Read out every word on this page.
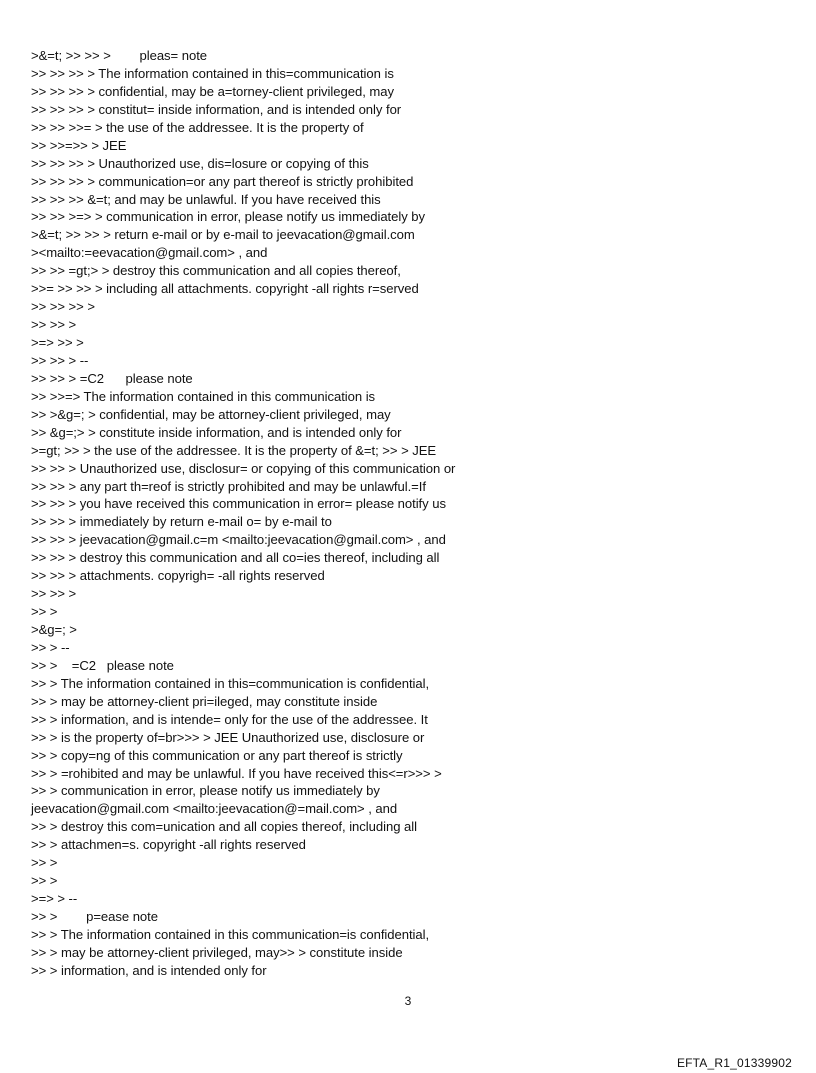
>&=t; >> >> >        pleas= note
>> >> >> > The information contained in this=communication is
>> >> >> > confidential, may be a=torney-client privileged, may
>> >> >> > constitut= inside information, and is intended only for
>> >> >>= > the use of the addressee. It is the property of
>> >>=>> > JEE
>> >> >> > Unauthorized use, dis=losure or copying of this
>> >> >> > communication=or any part thereof is strictly prohibited
>> >> >> &=t; and may be unlawful. If you have received this
>> >> >=> > communication in error, please notify us immediately by
>&=t; >> >> > return e-mail or by e-mail to jeevacation@gmail.com
><mailto:=eevacation@gmail.com> , and
>> >> =gt;> > destroy this communication and all copies thereof,
>>= >> >> > including all attachments. copyright -all rights r=served
>> >> >> >
>> >> >
>=> >> >
>> >> > --
>> >> > =C2      please note
>> >>=> The information contained in this communication is
>> >&g=; > confidential, may be attorney-client privileged, may
>> &g=;> > constitute inside information, and is intended only for
>=gt; >> > the use of the addressee. It is the property of &=t; >> > JEE
>> >> > Unauthorized use, disclosur= or copying of this communication or
>> >> > any part th=reof is strictly prohibited and may be unlawful.=If
>> >> > you have received this communication in error= please notify us
>> >> > immediately by return e-mail o= by e-mail to
>> >> > jeevacation@gmail.c=m <mailto:jeevacation@gmail.com> , and
>> >> > destroy this communication and all co=ies thereof, including all
>> >> > attachments. copyrigh= -all rights reserved
>> >> >
>> >
>&g=; >
>> > --
>> >    =C2   please note
>> > The information contained in this=communication is confidential,
>> > may be attorney-client pri=ileged, may constitute inside
>> > information, and is intende= only for the use of the addressee. It
>> > is the property of=br>>> > JEE Unauthorized use, disclosure or
>> > copy=ng of this communication or any part thereof is strictly
>> > =rohibited and may be unlawful. If you have received this<=r>>> >
>> > communication in error, please notify us immediately by
jeevacation@gmail.com <mailto:jeevacation@=mail.com> , and
>> > destroy this com=unication and all copies thereof, including all
>> > attachmen=s. copyright -all rights reserved
>> >
>> >
>=> > --
>> >        p=ease note
>> > The information contained in this communication=is confidential,
>> > may be attorney-client privileged, may>> > constitute inside
>> > information, and is intended only for
3
EFTA_R1_01339902
